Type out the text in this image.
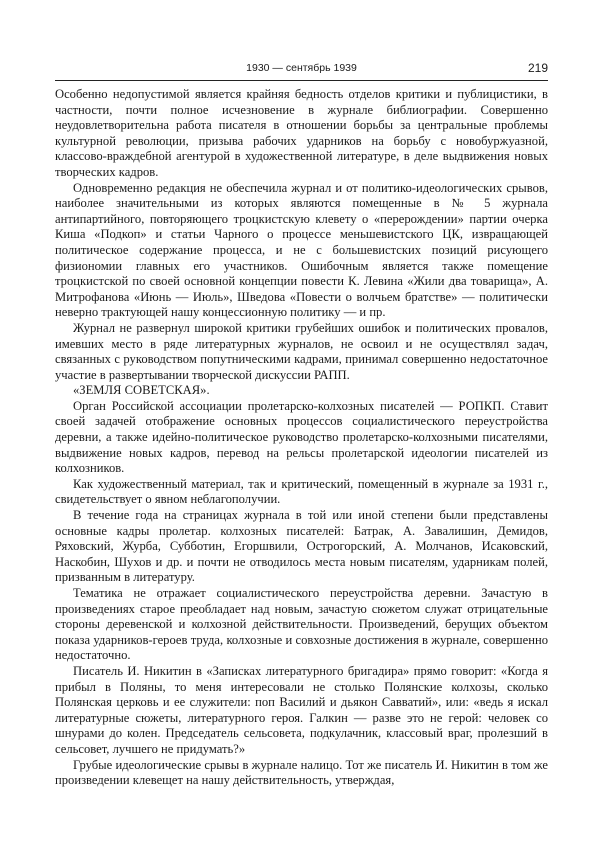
1930 — сентябрь 1939	219

Особенно недопустимой является крайняя бедность отделов критики и публицистики, в частности, почти полное исчезновение в журнале библиографии. Совершенно неудовлетворительна работа писателя в отношении борьбы за центральные проблемы культурной революции, призыва рабочих ударников на борьбу с новобуржуазной, классово-враждебной агентурой в художественной литературе, в деле выдвижения новых творческих кадров.

Одновременно редакция не обеспечила журнал и от политико-идеологических срывов, наиболее значительными из которых являются помещенные в № 5 журнала антипартийного, повторяющего троцкистскую клевету о «перерождении» партии очерка Киша «Подкоп» и статьи Чарного о процессе меньшевистского ЦК, извращающей политическое содержание процесса, и не с большевистских позиций рисующего физиономии главных его участников. Ошибочным является также помещение троцкистской по своей основной концепции повести К. Левина «Жили два товарища», А. Митрофанова «Июнь — Июль», Шведова «Повести о волчьем братстве» — политически неверно трактующей нашу концессионную политику — и пр.

Журнал не развернул широкой критики грубейших ошибок и политических провалов, имевших место в ряде литературных журналов, не освоил и не осуществлял задач, связанных с руководством попутническими кадрами, принимал совершенно недостаточное участие в развертывании творческой дискуссии РАПП.

«ЗЕМЛЯ СОВЕТСКАЯ».

Орган Российской ассоциации пролетарско-колхозных писателей — РОПКП. Ставит своей задачей отображение основных процессов социалистического переустройства деревни, а также идейно-политическое руководство пролетарско-колхозными писателями, выдвижение новых кадров, перевод на рельсы пролетарской идеологии писателей из колхозников.

Как художественный материал, так и критический, помещенный в журнале за 1931 г., свидетельствует о явном неблагополучии.

В течение года на страницах журнала в той или иной степени были представлены основные кадры пролетар. колхозных писателей: Батрак, А. Завалишин, Демидов, Ряховский, Журба, Субботин, Егоршвили, Острогорский, А. Молчанов, Исаковский, Наскобин, Шухов и др. и почти не отводилось места новым писателям, ударникам полей, призванным в литературу.

Тематика не отражает социалистического переустройства деревни. Зачастую в произведениях старое преобладает над новым, зачастую сюжетом служат отрицательные стороны деревенской и колхозной действительности. Произведений, берущих объектом показа ударников-героев труда, колхозные и совхозные достижения в журнале, совершенно недостаточно.

Писатель И. Никитин в «Записках литературного бригадира» прямо говорит: «Когда я прибыл в Поляны, то меня интересовали не столько Полянские колхозы, сколько Полянская церковь и ее служители: поп Василий и дьякон Савватий», или: «ведь я искал литературные сюжеты, литературного героя. Галкин — разве это не герой: человек со шнурами до колен. Председатель сельсовета, подкулачник, классовый враг, пролезший в сельсовет, лучшего не придумать?»

Грубые идеологические срывы в журнале налицо. Тот же писатель И. Никитин в том же произведении клевещет на нашу действительность, утверждая,
